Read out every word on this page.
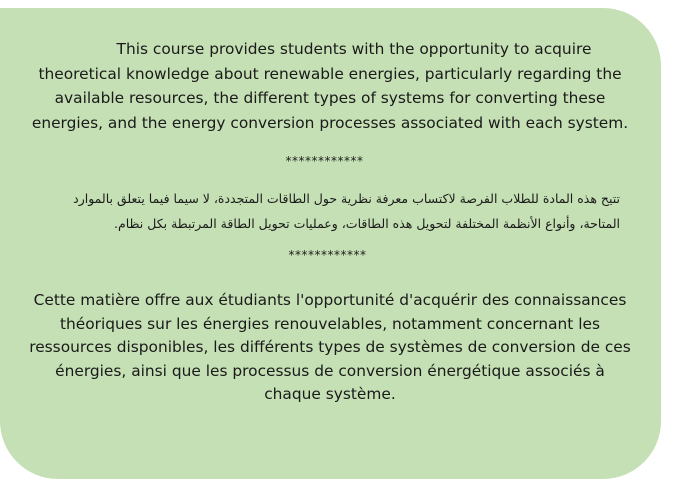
This course provides students with the opportunity to acquire theoretical knowledge about renewable energies, particularly regarding the available resources, the different types of systems for converting these energies, and the energy conversion processes associated with each system.

************

تتيح هذه المادة للطلاب الفرصة لاكتساب معرفة نظرية حول الطاقات المتجددة، لا سيما فيما يتعلق بالموارد المتاحة، وأنواع الأنظمة المختلفة لتحويل هذه الطاقات، وعمليات تحويل الطاقة المرتبطة بكل نظام.

************

Cette matière offre aux étudiants l'opportunité d'acquérir des connaissances théoriques sur les énergies renouvelables, notamment concernant les ressources disponibles, les différents types de systèmes de conversion de ces énergies, ainsi que les processus de conversion énergétique associés à chaque système.
